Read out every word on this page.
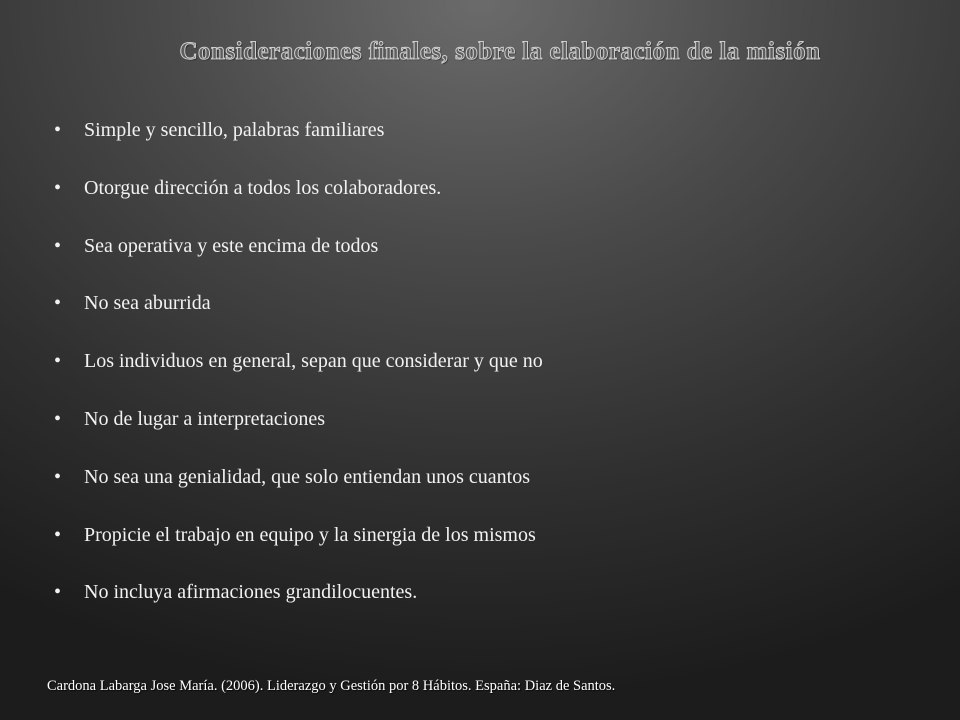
Consideraciones finales, sobre la elaboración de la misión
• Simple y sencillo, palabras familiares
• Otorgue dirección a todos los colaboradores.
• Sea operativa y este encima de todos
• No sea aburrida
• Los individuos en general, sepan que considerar y que no
• No de lugar a interpretaciones
• No sea una genialidad, que solo entiendan unos cuantos
• Propicie el trabajo en equipo y la sinergia de los mismos
• No incluya afirmaciones grandilocuentes.

Cardona Labarga Jose María. (2006). Liderazgo y Gestión por 8 Hábitos. España: Diaz de Santos.
